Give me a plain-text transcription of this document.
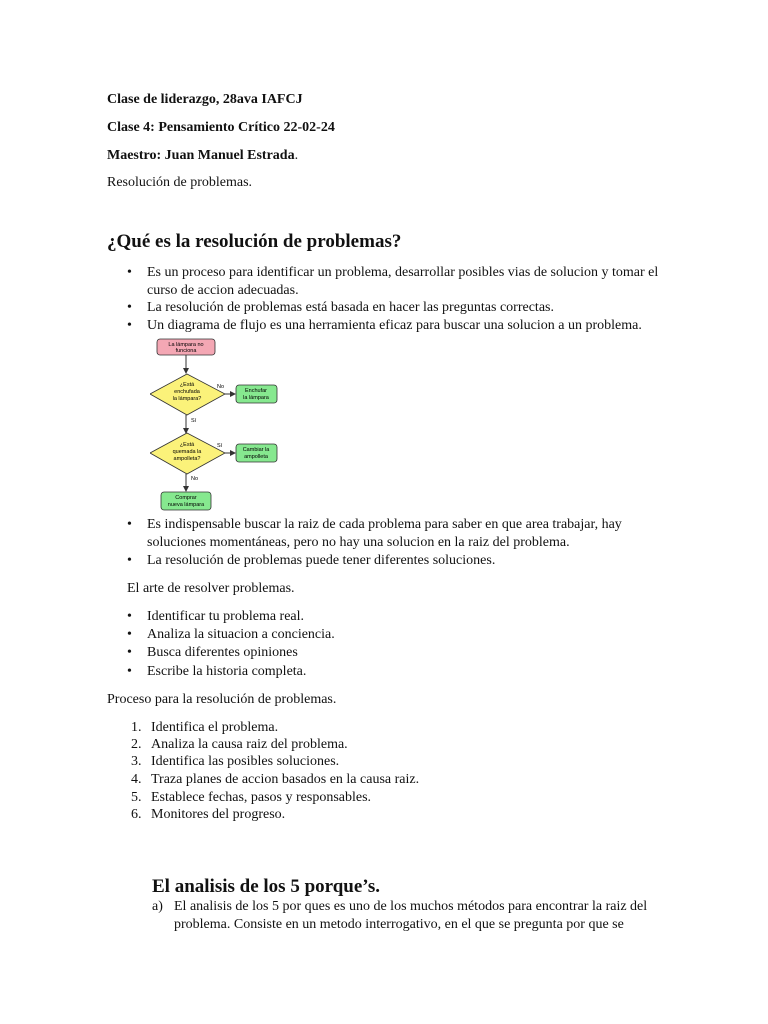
Clase de liderazgo, 28ava IAFCJ
Clase 4: Pensamiento Crítico 22-02-24
Maestro: Juan Manuel Estrada.
Resolución de problemas.
¿Qué es la resolución de problemas?
• Es un proceso para identificar un problema, desarrollar posibles vias de solucion y tomar el curso de accion adecuadas.
• La resolución de problemas está basada en hacer las preguntas correctas.
• Un diagrama de flujo es una herramienta eficaz para buscar una solucion a un problema.
La lámpara no
funciona
¿Está
enchufada
la lámpara?
No
Sí
Enchufar
la lámpara
¿Está
quemada la
ampolleta?
Sí
No
Cambiar la
ampolleta
Comprar
nueva lámpara
• Es indispensable buscar la raiz de cada problema para saber en que area trabajar, hay soluciones momentáneas, pero no hay una solucion en la raiz del problema.
• La resolución de problemas puede tener diferentes soluciones.
El arte de resolver problemas.
• Identificar tu problema real.
• Analiza la situacion a conciencia.
• Busca diferentes opiniones
• Escribe la historia completa.
Proceso para la resolución de problemas.
1. Identifica el problema.
2. Analiza la causa raiz del problema.
3. Identifica las posibles soluciones.
4. Traza planes de accion basados en la causa raiz.
5. Establece fechas, pasos y responsables.
6. Monitores del progreso.
El analisis de los 5 porque’s.
a) El analisis de los 5 por ques es uno de los muchos métodos para encontrar la raiz del problema. Consiste en un metodo interrogativo, en el que se pregunta por que se
